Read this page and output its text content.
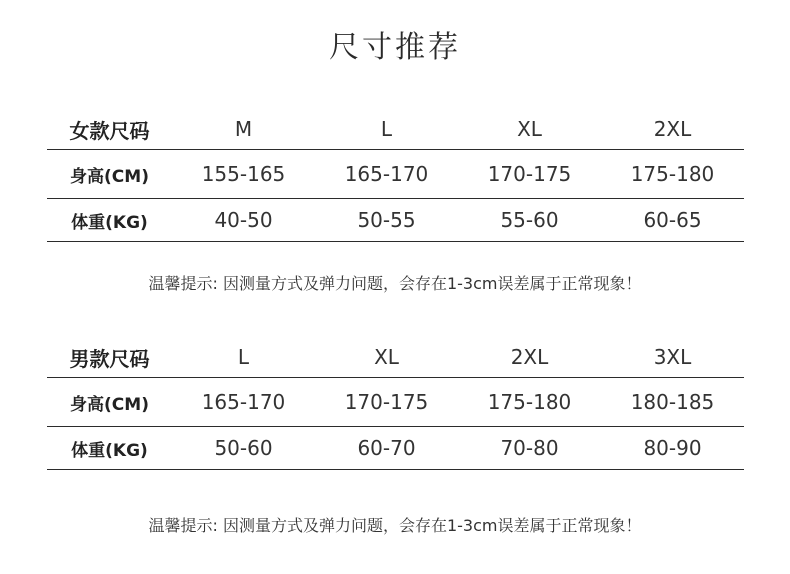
尺寸推荐
女款尺码	M	L	XL	2XL
身高(CM)	155-165	165-170	170-175	175-180
体重(KG)	40-50	50-55	55-60	60-65
温馨提示: 因测量方式及弹力问题，会存在1-3cm误差属于正常现象！
男款尺码	L	XL	2XL	3XL
身高(CM)	165-170	170-175	175-180	180-185
体重(KG)	50-60	60-70	70-80	80-90
温馨提示: 因测量方式及弹力问题，会存在1-3cm误差属于正常现象！
